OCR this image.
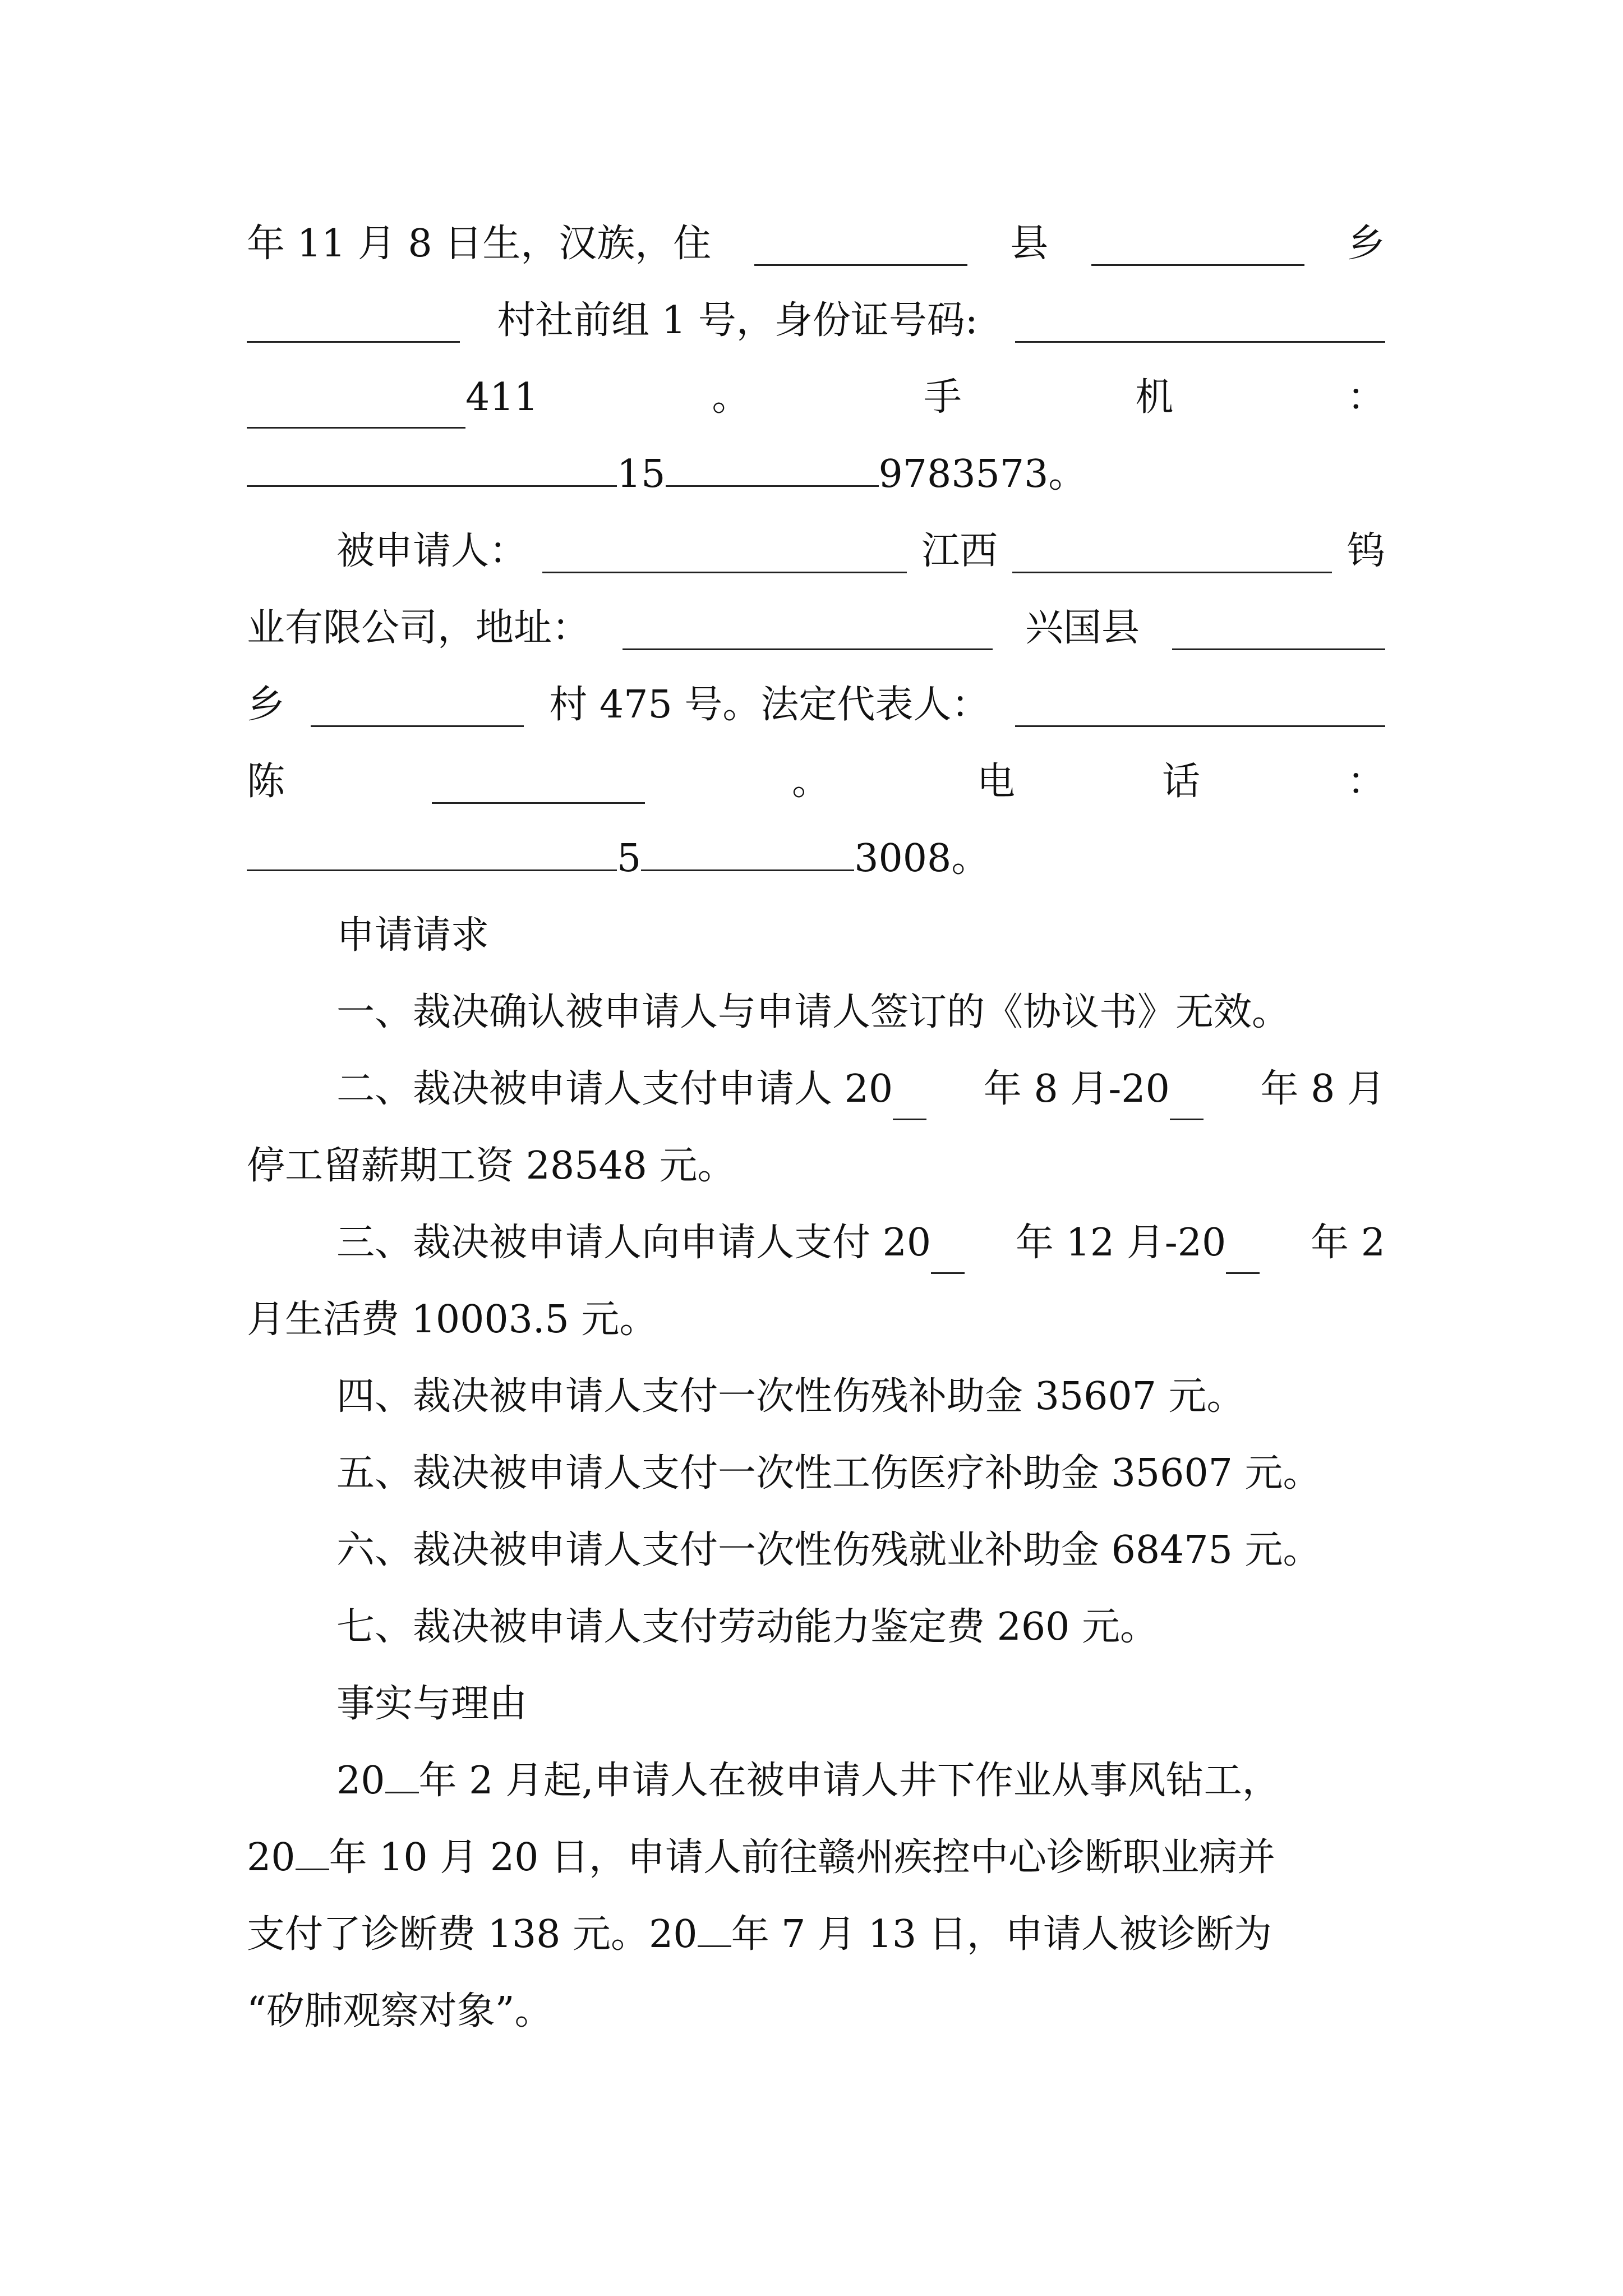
年 11 月 8 日生，汉族，住	县	乡
村社前组 1 号，身份证号码:
411	。	手	机	：
15	9783573。
被申请人：	江西	钨
业有限公司，地址：	兴国县
乡	村 475 号。法定代表人：
陈	。	电	话	：
5	3008。
申请请求
一、裁决确认被申请人与申请人签订的《协议书》无效。
二、裁决被申请人支付申请人 20 年 8 月-20 年 8 月
停工留薪期工资 28548 元。
三、裁决被申请人向申请人支付 20 年 12 月-20 年 2
月生活费 10003.5 元。
四、裁决被申请人支付一次性伤残补助金 35607 元。
五、裁决被申请人支付一次性工伤医疗补助金 35607 元。
六、裁决被申请人支付一次性伤残就业补助金 68475 元。
七、裁决被申请人支付劳动能力鉴定费 260 元。
事实与理由
20 年 2 月起,申请人在被申请人井下作业从事风钻工，
20 年 10 月 20 日，申请人前往赣州疾控中心诊断职业病并
支付了诊断费 138 元。20 年 7 月 13 日，申请人被诊断为
“矽肺观察对象”。
